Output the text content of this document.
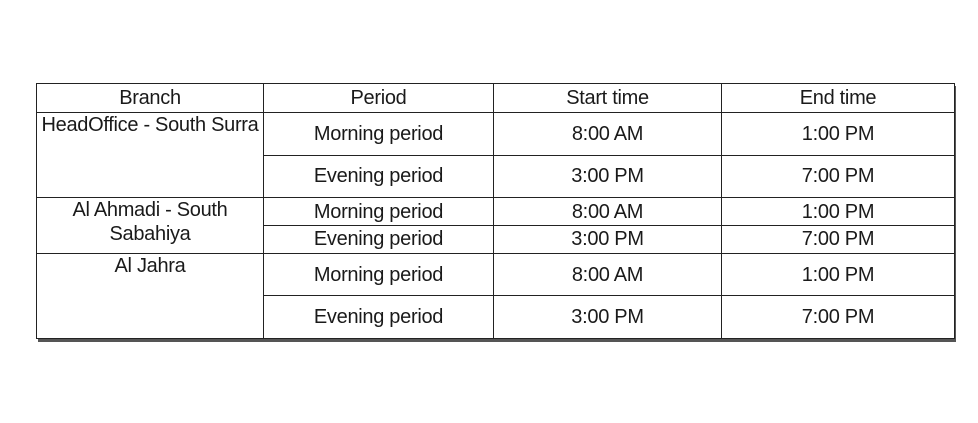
Branch	Period	Start time	End time
HeadOffice - South Surra	Morning period	8:00 AM	1:00 PM
	Evening period	3:00 PM	7:00 PM
Al Ahmadi - South Sabahiya	Morning period	8:00 AM	1:00 PM
	Evening period	3:00 PM	7:00 PM
Al Jahra	Morning period	8:00 AM	1:00 PM
	Evening period	3:00 PM	7:00 PM
